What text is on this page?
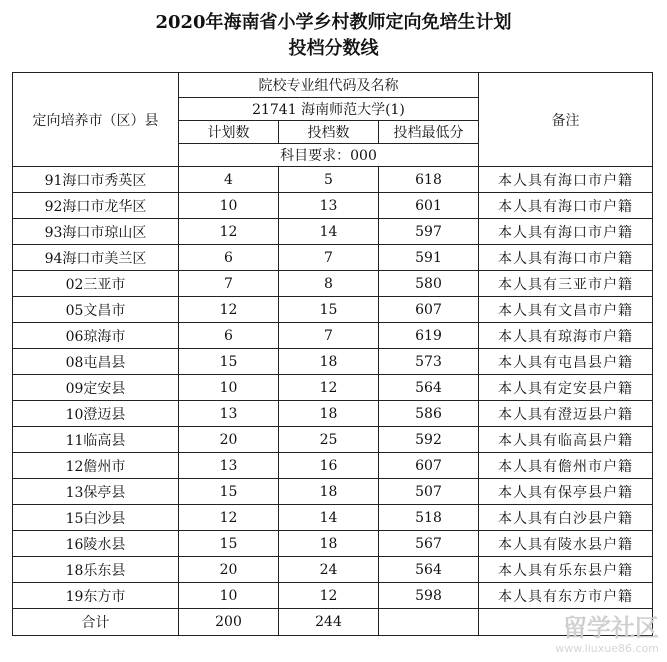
2020年海南省小学乡村教师定向免培生计划
投档分数线
定向培养市（区）县	院校专业组代码及名称			备注
	21741 海南师范大学(1)			
	计划数	投档数	投档最低分	
	科目要求：000			
91海口市秀英区	4	5	618	本人具有海口市户籍
92海口市龙华区	10	13	601	本人具有海口市户籍
93海口市琼山区	12	14	597	本人具有海口市户籍
94海口市美兰区	6	7	591	本人具有海口市户籍
02三亚市	7	8	580	本人具有三亚市户籍
05文昌市	12	15	607	本人具有文昌市户籍
06琼海市	6	7	619	本人具有琼海市户籍
08屯昌县	15	18	573	本人具有屯昌县户籍
09定安县	10	12	564	本人具有定安县户籍
10澄迈县	13	18	586	本人具有澄迈县户籍
11临高县	20	25	592	本人具有临高县户籍
12儋州市	13	16	607	本人具有儋州市户籍
13保亭县	15	18	507	本人具有保亭县户籍
15白沙县	12	14	518	本人具有白沙县户籍
16陵水县	15	18	567	本人具有陵水县户籍
18乐东县	20	24	564	本人具有乐东县户籍
19东方市	10	12	598	本人具有东方市户籍
合计	200	244			留学社区
www.liuxue86.com
